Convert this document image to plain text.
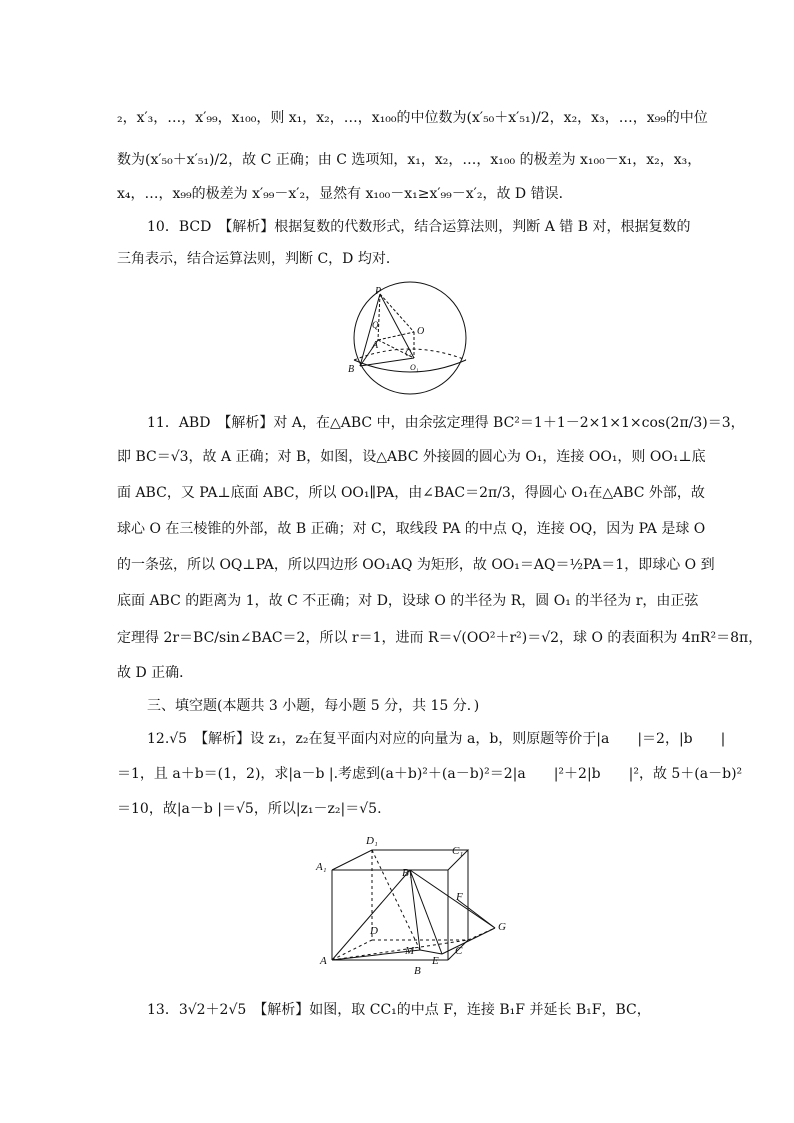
₂，x′₃，…，x′₉₉，x₁₀₀，则 x₁，x₂，…，x₁₀₀的中位数为(x′₅₀＋x′₅₁)/2，x₂，x₃，…，x₉₉的中位
数为(x′₅₀＋x′₅₁)/2，故 C 正确；由 C 选项知，x₁，x₂，…，x₁₀₀ 的极差为 x₁₀₀－x₁，x₂，x₃，
x₄，…，x₉₉的极差为 x′₉₉－x′₂，显然有 x₁₀₀－x₁≥x′₉₉－x′₂，故 D 错误．
10．BCD　【解析】根据复数的代数形式，结合运算法则，判断 A 错 B 对，根据复数的
三角表示，结合运算法则，判断 C，D 均对．
P
Q
O
A
C
B	O₁
11．ABD　【解析】对 A，在△ABC 中，由余弦定理得 BC²＝1＋1－2×1×1×cos(2π/3)＝3，
即 BC＝√3，故 A 正确；对 B，如图，设△ABC 外接圆的圆心为 O₁，连接 OO₁，则 OO₁⊥底
面 ABC，又 PA⊥底面 ABC，所以 OO₁∥PA，由∠BAC＝2π/3，得圆心 O₁在△ABC 外部，故
球心 O 在三棱锥的外部，故 B 正确；对 C，取线段 PA 的中点 Q，连接 OQ，因为 PA 是球 O
的一条弦，所以 OQ⊥PA，所以四边形 OO₁AQ 为矩形，故 OO₁＝AQ＝½PA＝1，即球心 O 到
底面 ABC 的距离为 1，故 C 不正确；对 D，设球 O 的半径为 R，圆 O₁ 的半径为 r，由正弦
定理得 2r＝BC/sin∠BAC＝2，所以 r＝1，进而 R＝√(OO²＋r²)＝√2，球 O 的表面积为 4πR²＝8π，
故 D 正确．
三、填空题(本题共 3 小题，每小题 5 分，共 15 分．)
12.√5　【解析】设 z₁，z₂在复平面内对应的向量为 a，b，则原题等价于|a　　|＝2，|b　　|
＝1，且 a＋b＝(1，2)，求|a－b |.考虑到(a＋b)²＋(a－b)²＝2|a　　|²＋2|b　　|²，故 5＋(a－b)²
＝10，故|a－b |＝√5，所以|z₁－z₂|＝√5.
D₁
C₁
A₁	B₁
F
G
D
A
M
E
C
B
13．3√2＋2√5　【解析】如图，取 CC₁的中点 F，连接 B₁F 并延长 B₁F，BC，
